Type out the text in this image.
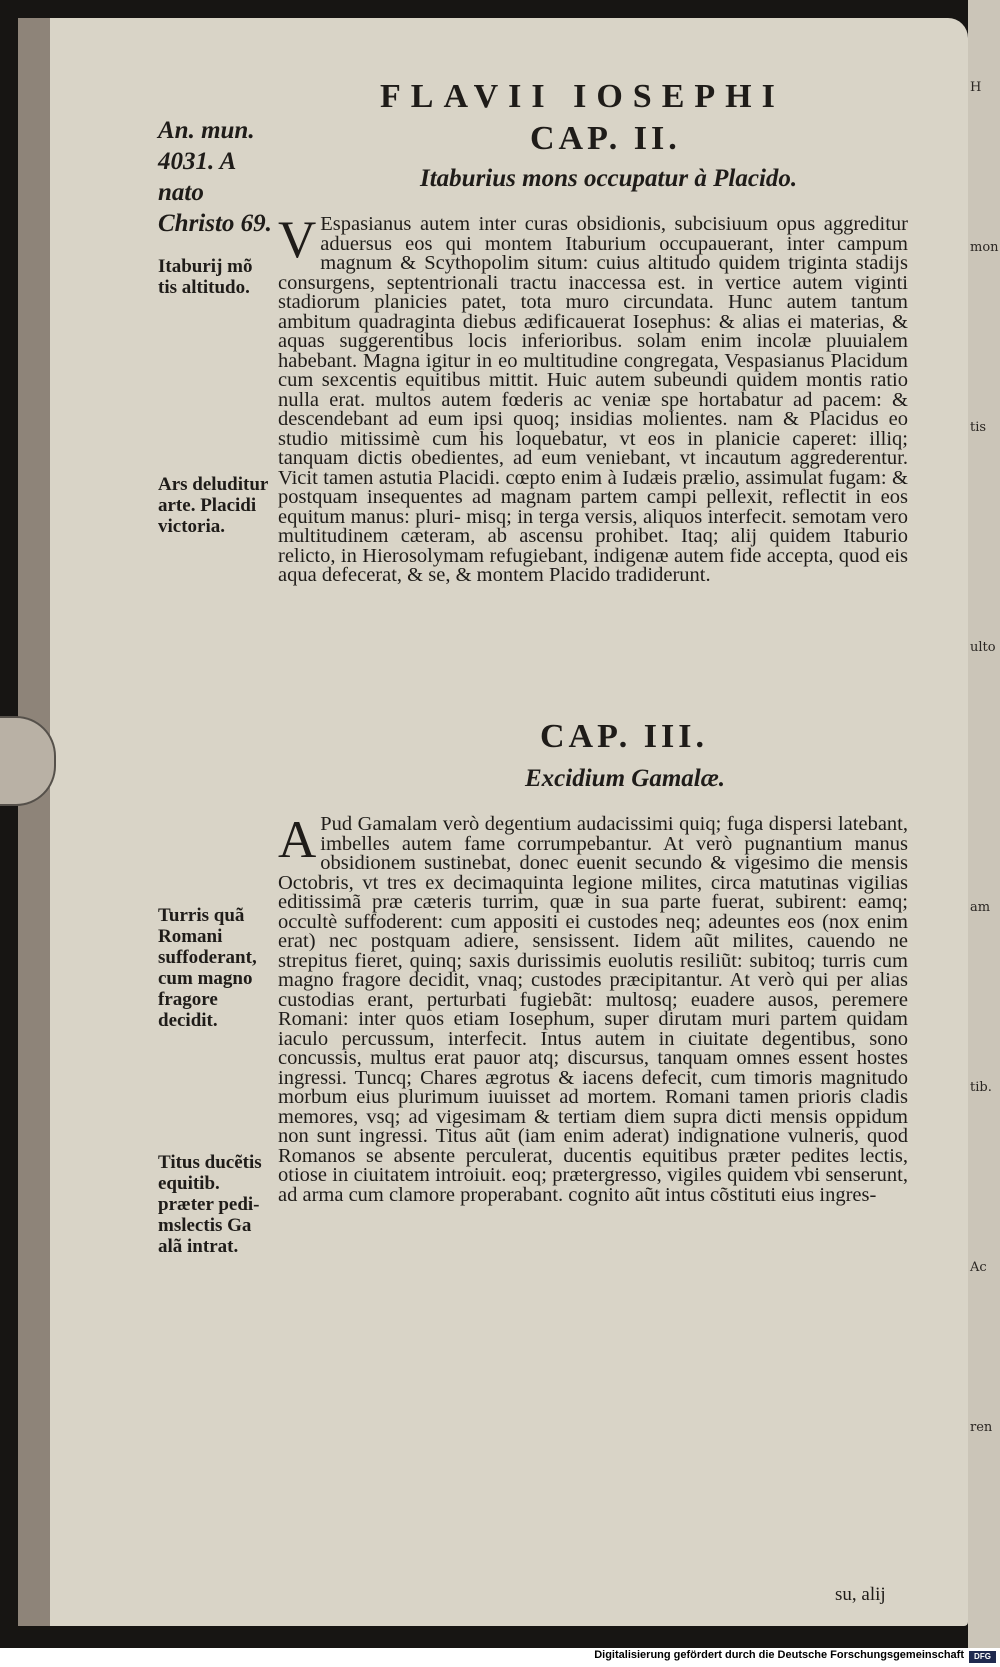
FLAVII IOSEPHI
CAP. II.
Itaburius mons occupatur à Placido.
An. mun. 4031. A nato Christo 69.
Itaburij mõ tis altitudo.
Ars deluditur arte. Placidi victoria.
Turris quã Romani suffoderant, cum magno fragore decidit.
Titus ducẽtis equitib. præter pedi- mslectis Ga alã intrat.
V Espasianus autem inter curas obsidionis, subcisiuum opus aggreditur aduersus eos qui montem Itaburium occupauerant, inter campum magnum & Scythopolim situm: cuius altitudo quidem triginta stadijs consurgens, septentrionali tractu inaccessa est. in vertice autem viginti stadiorum planicies patet, tota muro circundata. Hunc autem tantum ambitum quadraginta diebus ædificauerat Iosephus: & alias ei materias, & aquas suggerentibus locis inferioribus. solam enim incolæ pluuialem habebant. Magna igitur in eo multitudine congregata, Vespasianus Placidum cum sexcentis equitibus mittit. Huic autem subeundi quidem montis ratio nulla erat. multos autem fœderis ac veniæ spe hortabatur ad pacem: & descendebant ad eum ipsi quoq; insidias molientes. nam & Placidus eo studio mitissimè cum his loquebatur, vt eos in planicie caperet: illiq; tanquam dictis obedientes, ad eum veniebant, vt incautum aggrederentur. Vicit tamen astutia Placidi. cœpto enim à Iudæis prælio, assimulat fugam: & postquam insequentes ad magnam partem campi pellexit, reflectit in eos equitum manus: pluri- misq; in terga versis, aliquos interfecit. semotam vero multitudinem cæteram, ab ascensu prohibet. Itaq; alij quidem Itaburio relicto, in Hierosolymam refugiebant, indigenæ autem fide accepta, quod eis aqua defecerat, & se, & montem Placido tradiderunt.
CAP. III.
Excidium Gamalæ.
A Pud Gamalam verò degentium audacissimi quiq; fuga dispersi latebant, imbelles autem fame corrumpebantur. At verò pugnantium manus obsidionem sustinebat, donec euenit secundo & vigesimo die mensis Octobris, vt tres ex decimaquinta legione milites, circa matutinas vigilias editissimã præ cæteris turrim, quæ in sua parte fuerat, subirent: eamq; occultè suffoderent: cum appositi ei custodes neq; adeuntes eos (nox enim erat) nec postquam adiere, sensissent. Iidem aũt milites, cauendo ne strepitus fieret, quinq; saxis durissimis euolutis resiliũt: subitoq; turris cum magno fragore decidit, vnaq; custodes præcipitantur. At verò qui per alias custodias erant, perturbati fugiebãt: multosq; euadere ausos, peremere Romani: inter quos etiam Iosephum, super dirutam muri partem quidam iaculo percussum, interfecit. Intus autem in ciuitate degentibus, sono concussis, multus erat pauor atq; discursus, tanquam omnes essent hostes ingressi. Tuncq; Chares ægrotus & iacens defecit, cum timoris magnitudo morbum eius plurimum iuuisset ad mortem. Romani tamen prioris cladis memores, vsq; ad vigesimam & tertiam diem supra dicti mensis oppidum non sunt ingressi. Titus aũt (iam enim aderat) indignatione vulneris, quod Romanos se absente perculerat, ducentis equitibus præter pedites lectis, otiose in ciuitatem introiuit. eoq; prætergresso, vigiles quidem vbi senserunt, ad arma cum clamore properabant. cognito aũt intus cõstituti eius ingres-
su, alij
H
mon
tis
ulto
am
tib.
Ac
ren
Digitalisierung gefördert durch die Deutsche Forschungsgemeinschaft	DFG
